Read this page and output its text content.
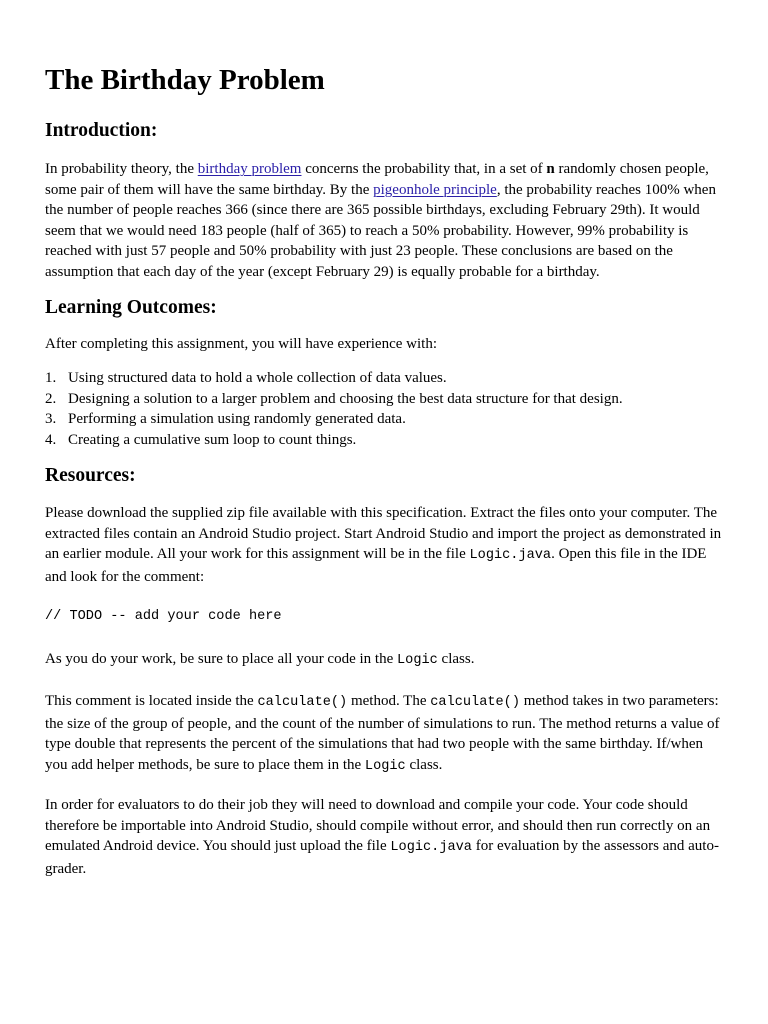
The Birthday Problem
Introduction:

In probability theory, the birthday problem concerns the probability that, in a set of n randomly chosen people, some pair of them will have the same birthday. By the pigeonhole principle, the probability reaches 100% when the number of people reaches 366 (since there are 365 possible birthdays, excluding February 29th). It would seem that we would need 183 people (half of 365) to reach a 50% probability. However, 99% probability is reached with just 57 people and 50% probability with just 23 people. These conclusions are based on the assumption that each day of the year (except February 29) is equally probable for a birthday.

Learning Outcomes:

After completing this assignment, you will have experience with:

1. Using structured data to hold a whole collection of data values.
2. Designing a solution to a larger problem and choosing the best data structure for that design.
3. Performing a simulation using randomly generated data.
4. Creating a cumulative sum loop to count things.
Resources:

Please download the supplied zip file available with this specification. Extract the files onto your computer. The extracted files contain an Android Studio project. Start Android Studio and import the project as demonstrated in an earlier module. All your work for this assignment will be in the file Logic.java. Open this file in the IDE and look for the comment:

// TODO -- add your code here

As you do your work, be sure to place all your code in the Logic class.

This comment is located inside the calculate() method. The calculate() method takes in two parameters: the size of the group of people, and the count of the number of simulations to run. The method returns a value of type double that represents the percent of the simulations that had two people with the same birthday. If/when you add helper methods, be sure to place them in the Logic class.

In order for evaluators to do their job they will need to download and compile your code. Your code should therefore be importable into Android Studio, should compile without error, and should then run correctly on an emulated Android device. You should just upload the file Logic.java for evaluation by the assessors and auto-grader.
